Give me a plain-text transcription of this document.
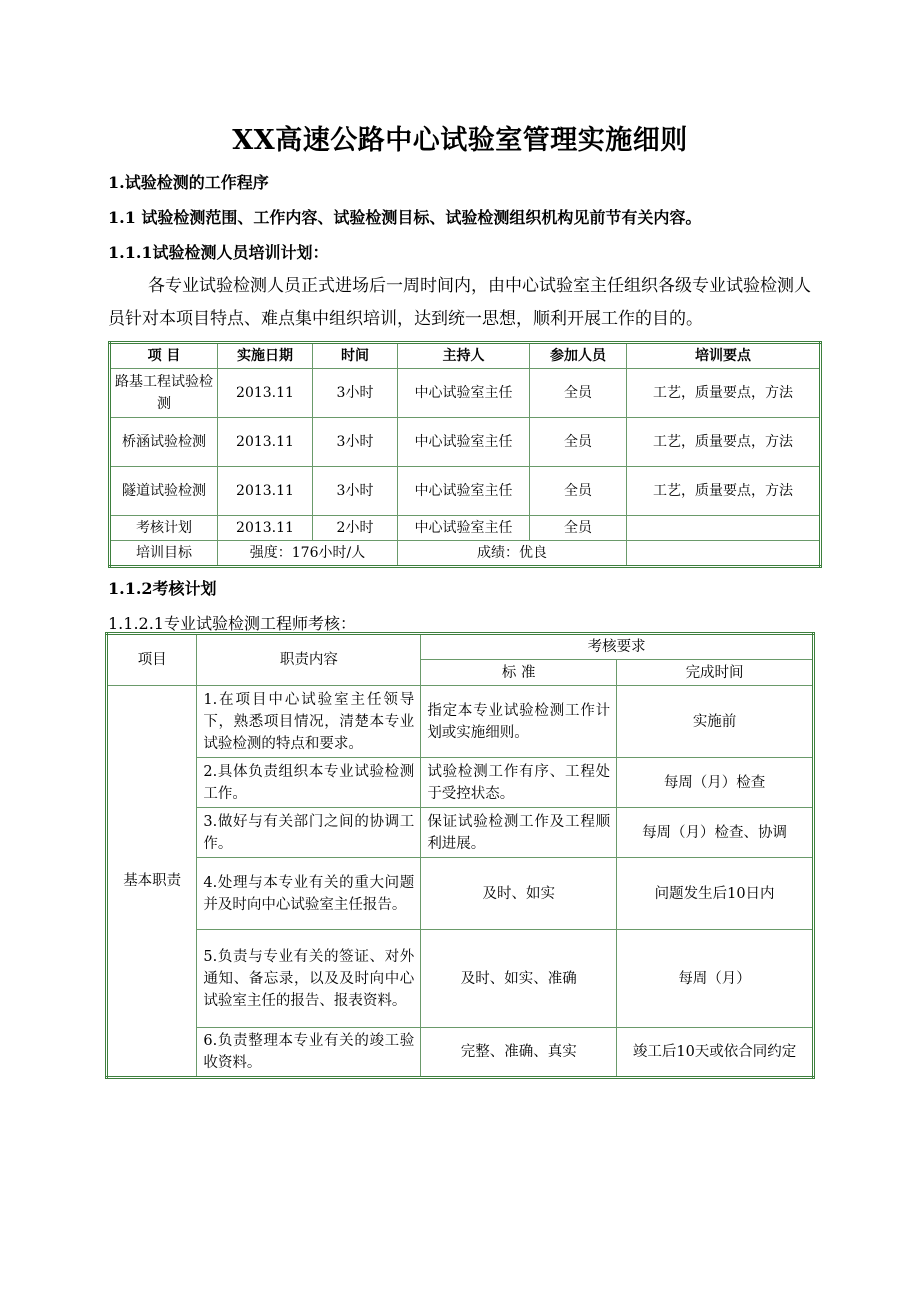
XX高速公路中心试验室管理实施细则
1.试验检测的工作程序
1.1 试验检测范围、工作内容、试验检测目标、试验检测组织机构见前节有关内容。
1.1.1试验检测人员培训计划：
各专业试验检测人员正式进场后一周时间内，由中心试验室主任组织各级专业试验检测人员针对本项目特点、难点集中组织培训，达到统一思想，顺利开展工作的目的。
项 目	实施日期	时间	主持人	参加人员	培训要点
路基工程试验检测	2013.11	3小时	中心试验室主任	全员	工艺，质量要点，方法
桥涵试验检测	2013.11	3小时	中心试验室主任	全员	工艺，质量要点，方法
隧道试验检测	2013.11	3小时	中心试验室主任	全员	工艺，质量要点，方法
考核计划	2013.11	2小时	中心试验室主任	全员	
培训目标	强度：176小时/人		成绩：优良		
1.1.2考核计划
1.1.2.1专业试验检测工程师考核：
项目	职责内容	考核要求	
		标 准	完成时间
基本职责	1.在项目中心试验室主任领导下，熟悉项目情况，清楚本专业试验检测的特点和要求。	指定本专业试验检测工作计划或实施细则。	实施前
	2.具体负责组织本专业试验检测工作。	试验检测工作有序、工程处于受控状态。	每周（月）检查
	3.做好与有关部门之间的协调工作。	保证试验检测工作及工程顺利进展。	每周（月）检查、协调
	4.处理与本专业有关的重大问题并及时向中心试验室主任报告。	及时、如实	问题发生后10日内
	5.负责与专业有关的签证、对外通知、备忘录，以及及时向中心试验室主任的报告、报表资料。	及时、如实、准确	每周（月）
	6.负责整理本专业有关的竣工验收资料。	完整、准确、真实	竣工后10天或依合同约定
